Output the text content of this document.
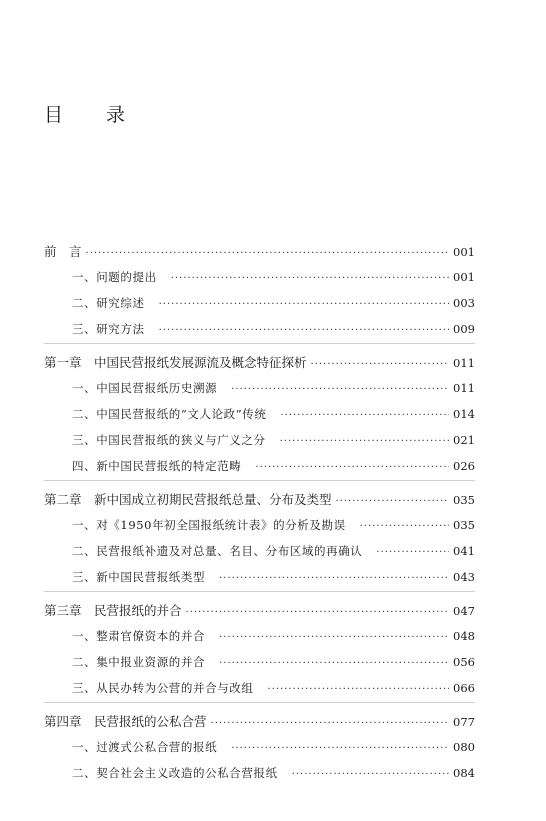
目　录
前　言 ·····	001
一、问题的提出 ·····	001
二、研究综述 ·····	003
三、研究方法 ·····	009
第一章　中国民营报纸发展源流及概念特征探析 ·····	011
一、中国民营报纸历史溯源 ·····	011
二、中国民营报纸的“文人论政”传统 ·····	014
三、中国民营报纸的狭义与广义之分 ·····	021
四、新中国民营报纸的特定范畴 ·····	026
第二章　新中国成立初期民营报纸总量、分布及类型 ·····	035
一、对《1950年初全国报纸统计表》的分析及勘误 ·····	035
二、民营报纸补遗及对总量、名目、分布区域的再确认 ·····	041
三、新中国民营报纸类型 ·····	043
第三章　民营报纸的并合 ·····	047
一、整肃官僚资本的并合 ·····	048
二、集中报业资源的并合 ·····	056
三、从民办转为公营的并合与改组 ·····	066
第四章　民营报纸的公私合营 ·····	077
一、过渡式公私合营的报纸 ·····	080
二、契合社会主义改造的公私合营报纸 ·····	084
